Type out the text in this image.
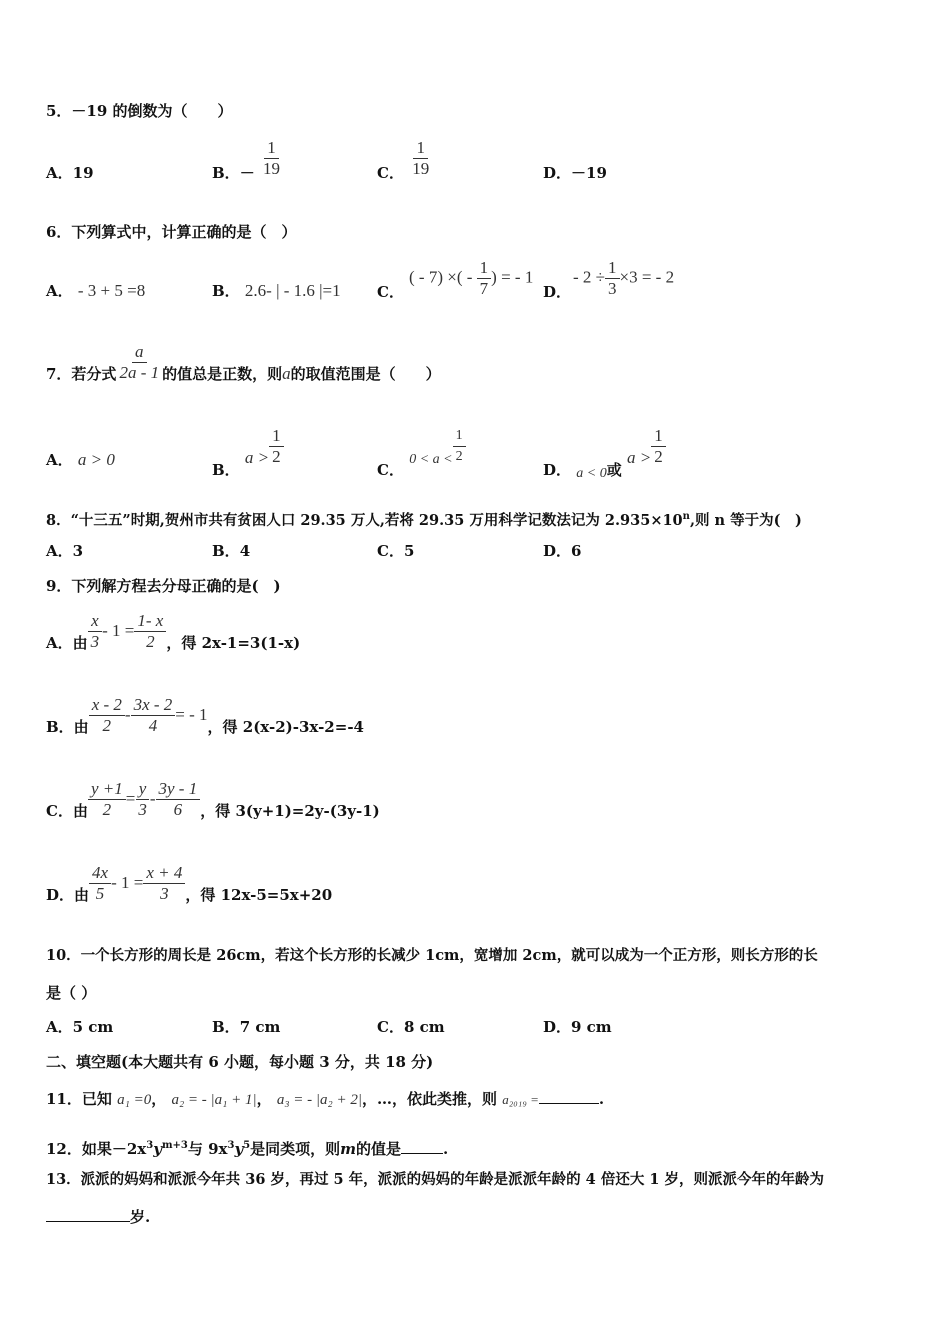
5．－19 的倒数为（　　）
A．19	B．－ $\frac{1}{19}$	C． $\frac{1}{19}$	D．－19
6．下列算式中，计算正确的是（　）
A． - 3 + 5 =8	B． 2.6- | - 1.6 |=1 C．
( - 7) ×( - $\frac{1}{7}$ ) = - 1
D．
- $2 \div \frac{1}{3} \times 3$ = - 2
7．若分式 $\frac{a}{2a - 1}$ 的值总是正数，则a的取值范围是（　　）
A． a > 0
B． $a > \frac{1}{2}$
C． $0 < a < \frac{1}{2}$
D． a < 0或 $a > \frac{1}{2}$
8．“十三五”时期,贺州市共有贫困人口 29.35 万人,若将 29.35 万用科学记数法记为 $2.935\times 10^n$,则 n 等于为(　)
A．3	B．4	C．5	D．6
9．下列解方程去分母正确的是(　)
A．由 $\frac{x}{3} - 1 = \frac{1- x}{2}$ ，得 2x-1=3(1-x)
B．由 $\frac{x - 2}{2} - \frac{3x - 2}{4}$ = - 1，得 2(x-2)-3x-2=-4
C．由 $\frac{y +1}{2} = \frac{y}{3} - \frac{3y - 1}{6}$ ，得 3(y+1)=2y-(3y-1)
D．由 $\frac{4x}{5} - 1 = \frac{x + 4}{3}$ ，得 12x-5=5x+20
10．一个长方形的周长是 26cm，若这个长方形的长减少 1cm，宽增加 2cm，就可以成为一个正方形，则长方形的长
是（ ）
A．5 cm	B．7 cm	C．8 cm	D．9 cm
二、填空题(本大题共有 6 小题，每小题 3 分，共 18 分)
11．已知 a₁ =0， a₂ = - |a₁ + 1|， a₃ = - |a₂ + 2|，…，依此类推，则 a₂₀₁₉ =	.
12．如果$-2x^3y^{m+3}$与 $9x^3y^5$是同类项，则m的值是	.
13．派派的妈妈和派派今年共 36 岁，再过 5 年，派派的妈妈的年龄是派派年龄的 4 倍还大 1 岁，则派派今年的年龄为
岁.
